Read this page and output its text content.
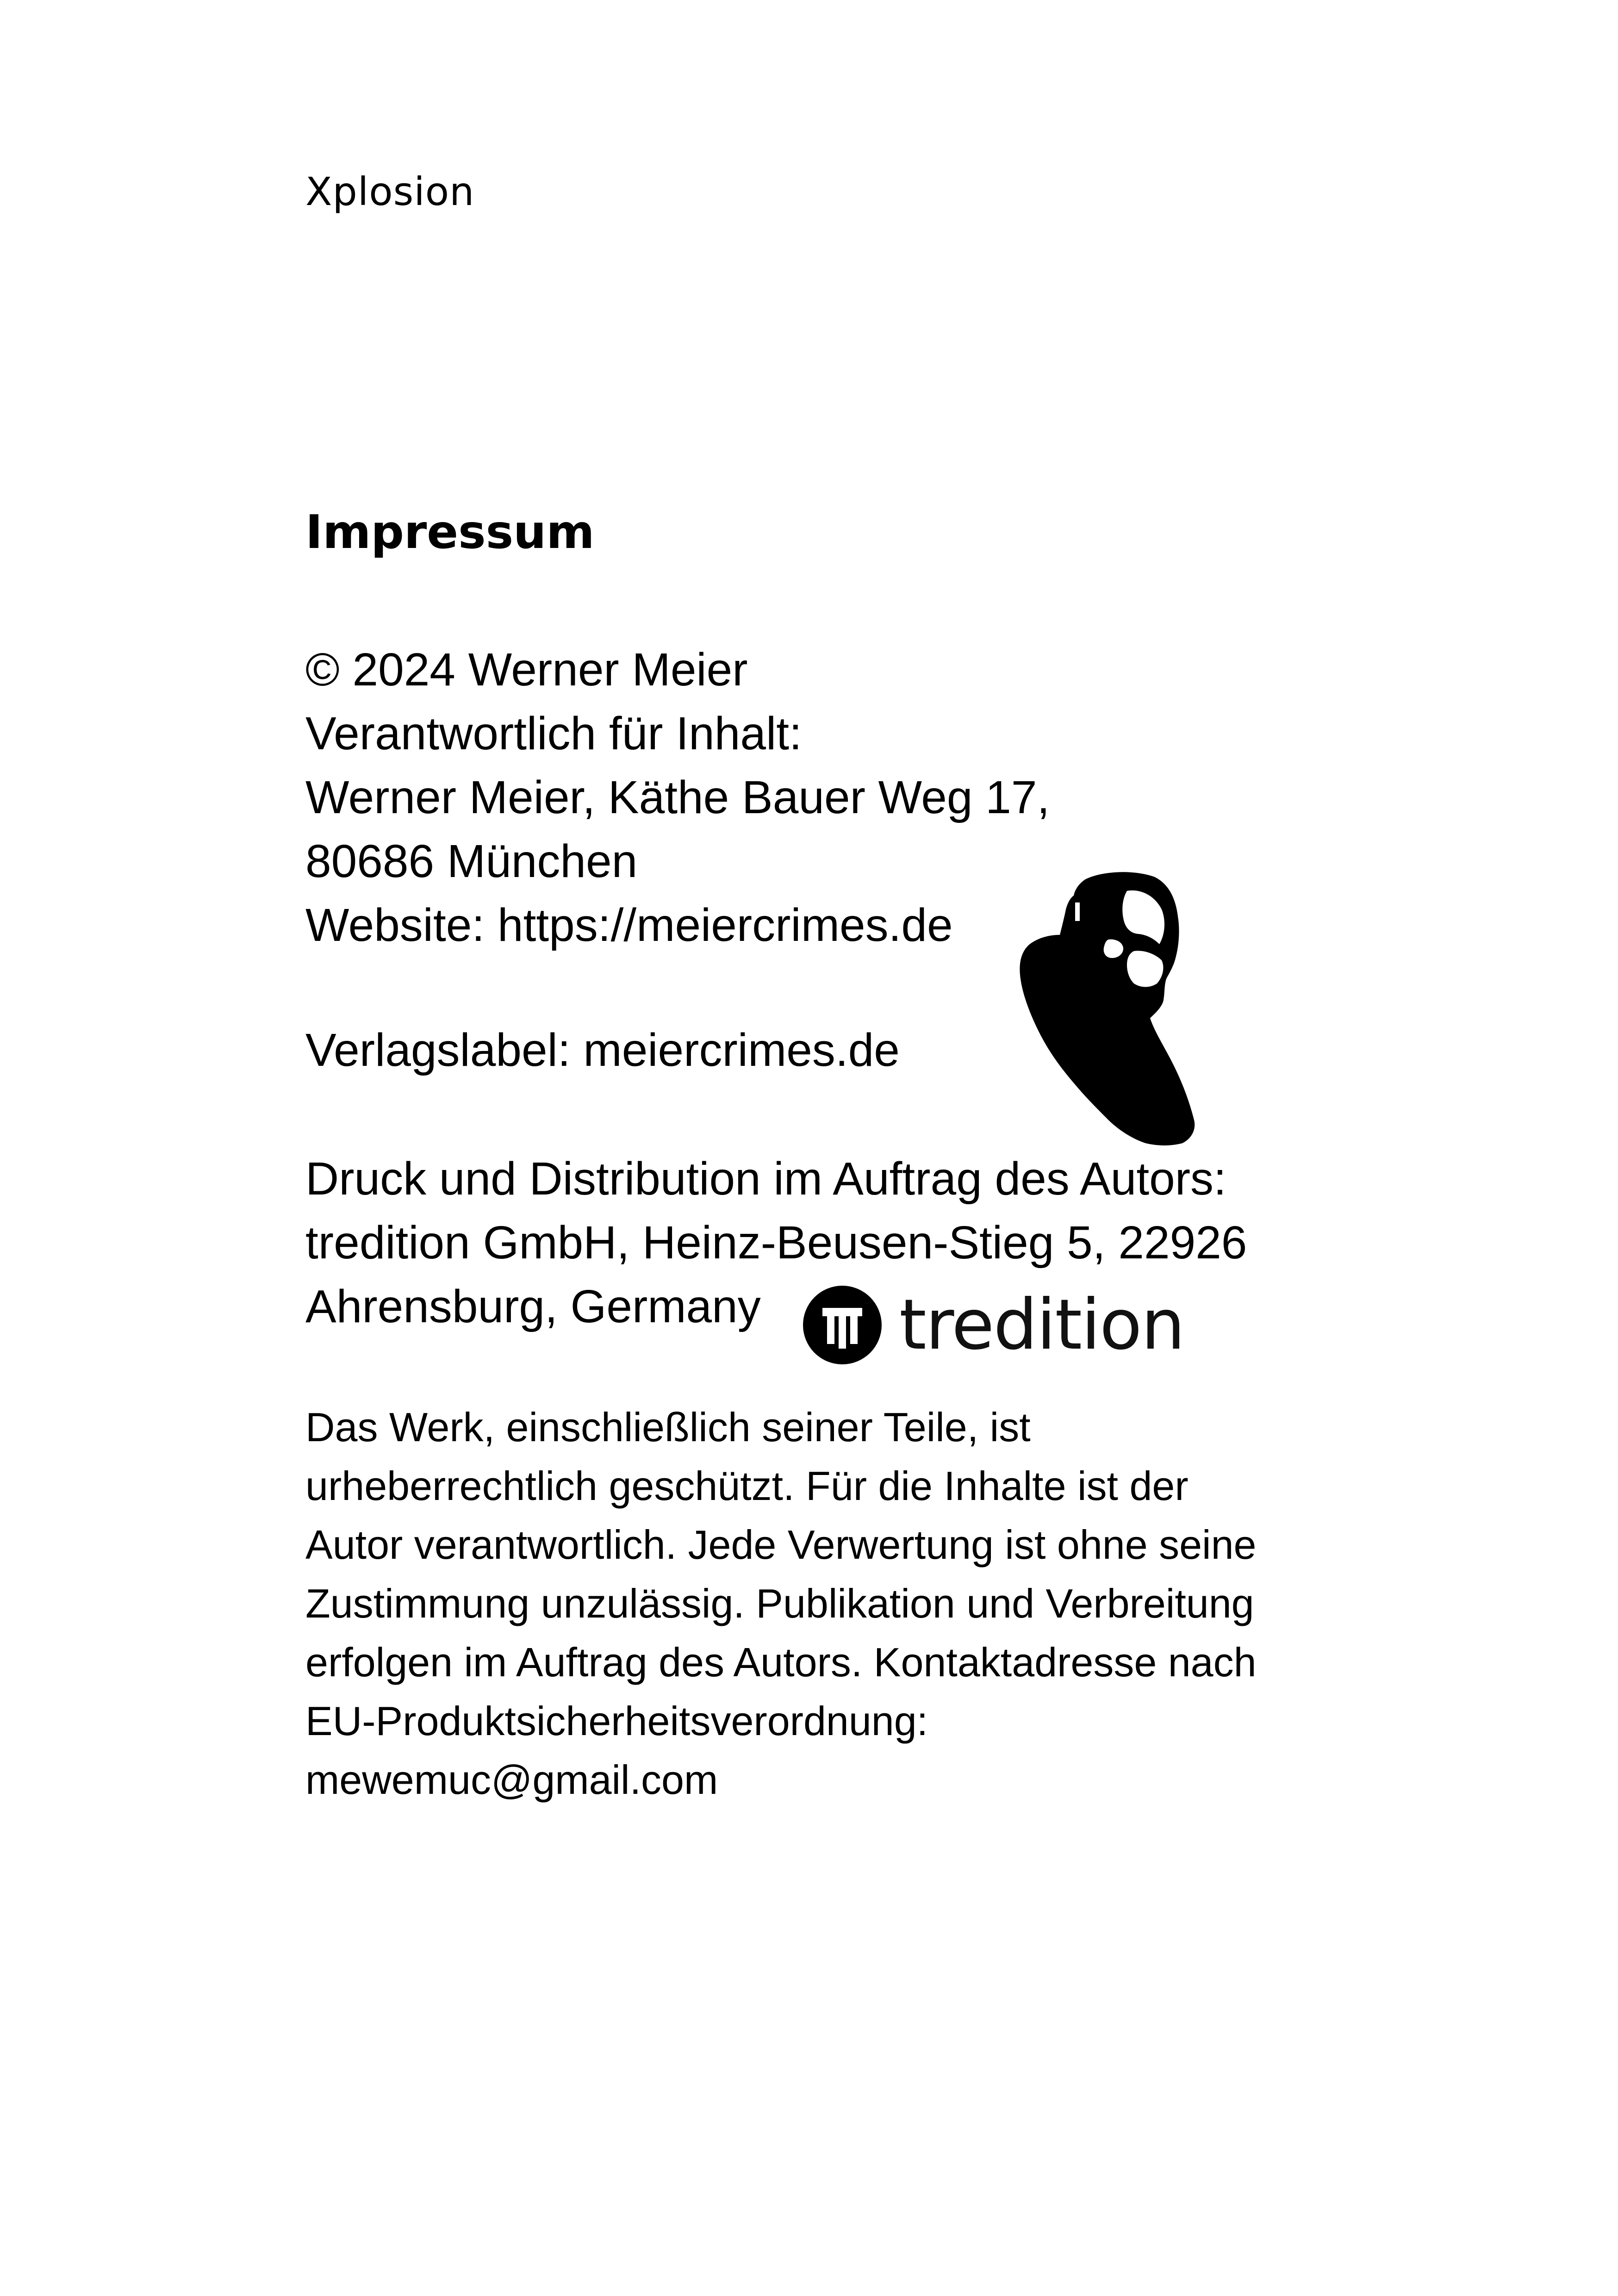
Xplosion
Impressum
© 2024 Werner Meier
Verantwortlich für Inhalt:
Werner Meier, Käthe Bauer Weg 17,
80686 München
Website: https://meiercrimes.de
Verlagslabel: meiercrimes.de
Druck und Distribution im Auftrag des Autors:
tredition GmbH, Heinz-Beusen-Stieg 5, 22926
Ahrensburg, Germany
Das Werk, einschließlich seiner Teile, ist
urheberrechtlich geschützt. Für die Inhalte ist der
Autor verantwortlich. Jede Verwertung ist ohne seine
Zustimmung unzulässig. Publikation und Verbreitung
erfolgen im Auftrag des Autors. Kontaktadresse nach
EU-Produktsicherheitsverordnung:
mewemuc@gmail.com
tredition
